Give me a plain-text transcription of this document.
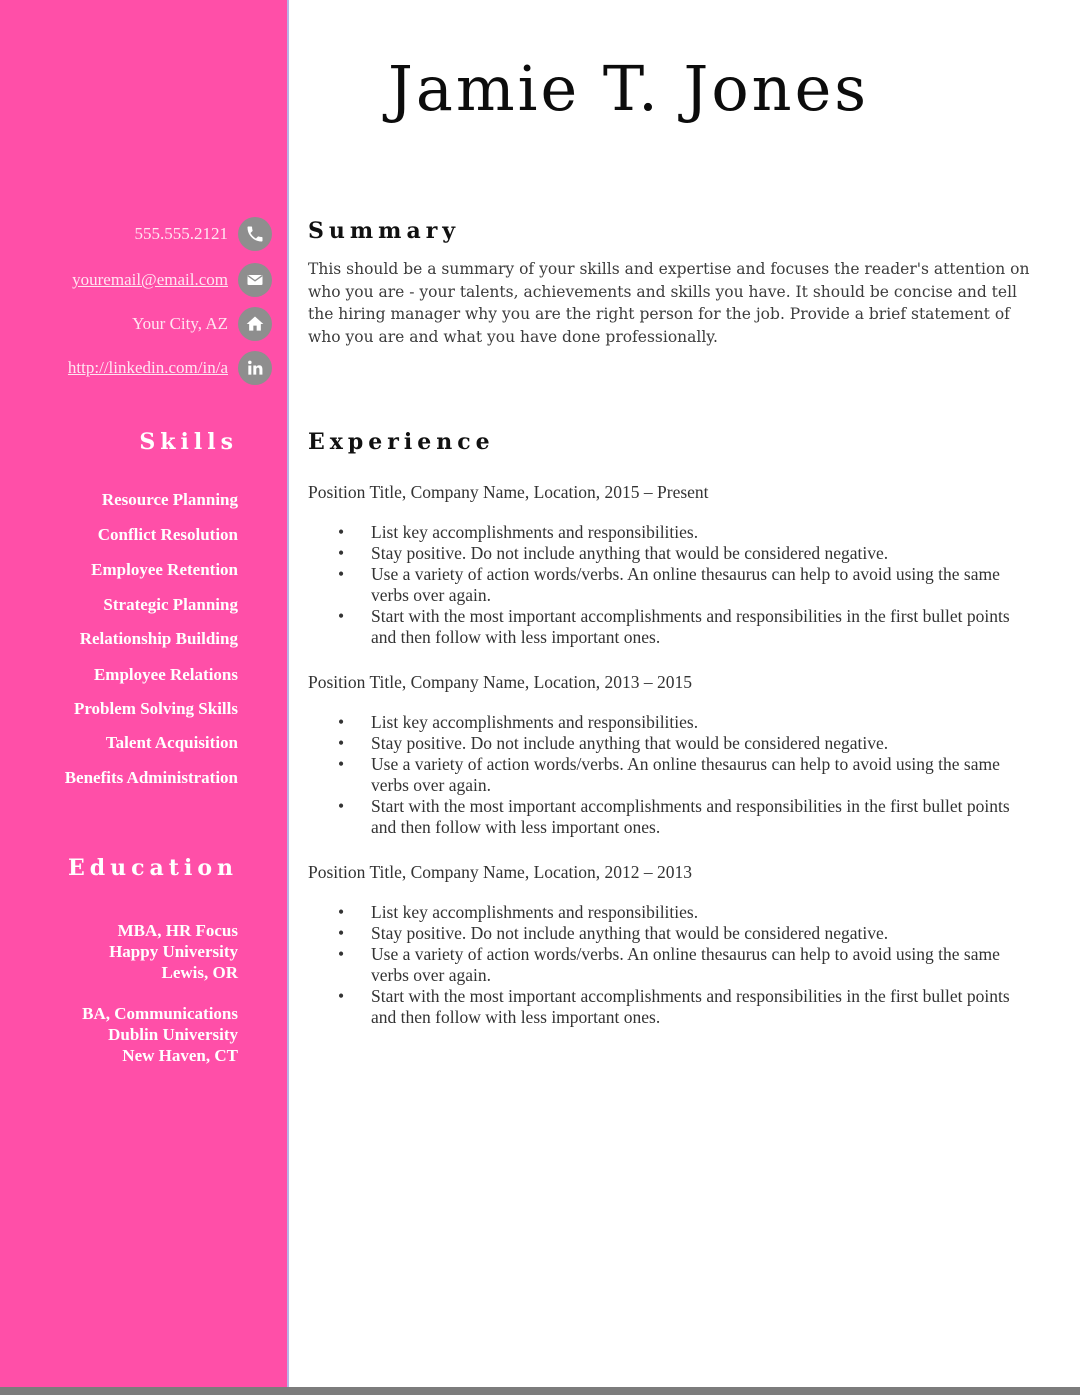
Jamie T. Jones
555.555.2121
youremail@email.com
Your City, AZ
http://linkedin.com/in/a
Skills
Resource Planning
Conflict Resolution
Employee Retention
Strategic Planning
Relationship Building
Employee Relations
Problem Solving Skills
Talent Acquisition
Benefits Administration
Education
MBA, HR Focus
Happy University
Lewis, OR
BA, Communications
Dublin University
New Haven, CT
Summary

This should be a summary of your skills and expertise and focuses the reader's attention on who you are - your talents, achievements and skills you have. It should be concise and tell the hiring manager why you are the right person for the job. Provide a brief statement of who you are and what you have done professionally.

Experience

Position Title, Company Name, Location, 2015 – Present

• List key accomplishments and responsibilities.
• Stay positive. Do not include anything that would be considered negative.
• Use a variety of action words/verbs. An online thesaurus can help to avoid using the same verbs over again.
• Start with the most important accomplishments and responsibilities in the first bullet points and then follow with less important ones.

Position Title, Company Name, Location, 2013 – 2015

• List key accomplishments and responsibilities.
• Stay positive. Do not include anything that would be considered negative.
• Use a variety of action words/verbs. An online thesaurus can help to avoid using the same verbs over again.
• Start with the most important accomplishments and responsibilities in the first bullet points and then follow with less important ones.

Position Title, Company Name, Location, 2012 – 2013

• List key accomplishments and responsibilities.
• Stay positive. Do not include anything that would be considered negative.
• Use a variety of action words/verbs. An online thesaurus can help to avoid using the same verbs over again.
• Start with the most important accomplishments and responsibilities in the first bullet points and then follow with less important ones.
